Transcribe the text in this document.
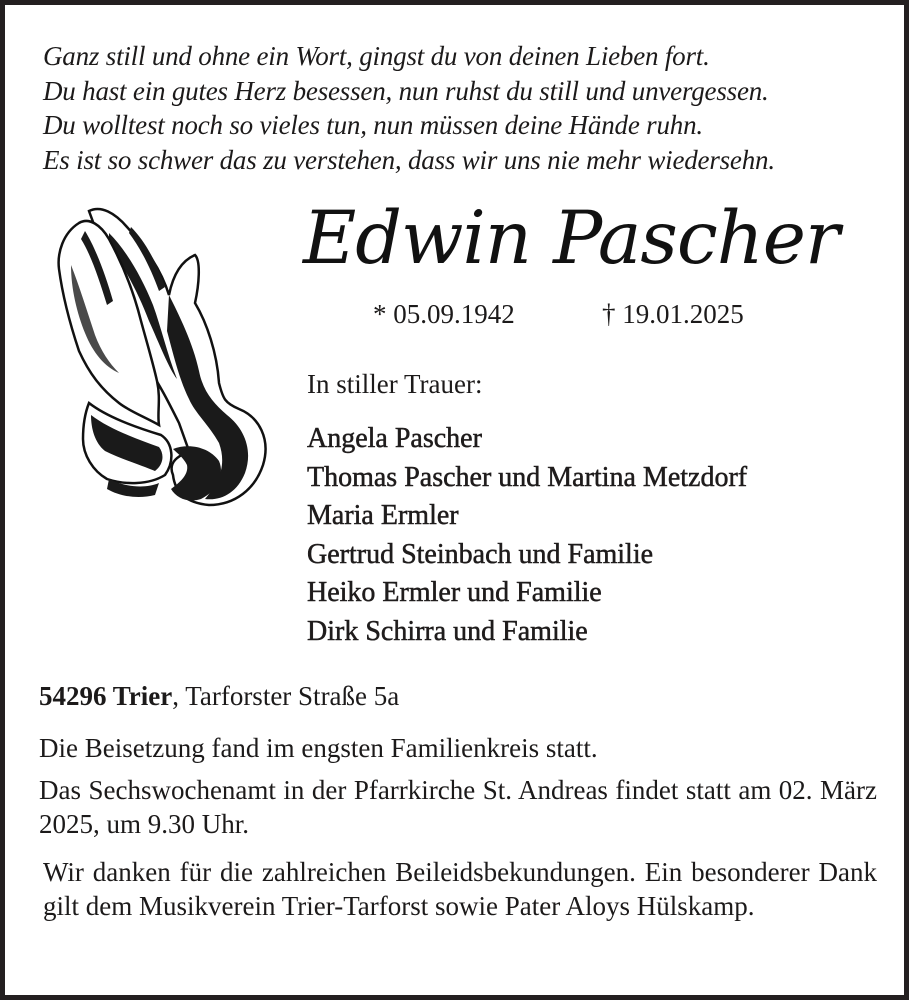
Ganz still und ohne ein Wort, gingst du von deinen Lieben fort.
Du hast ein gutes Herz besessen, nun ruhst du still und unvergessen.
Du wolltest noch so vieles tun, nun müssen deine Hände ruhn.
Es ist so schwer das zu verstehen, dass wir uns nie mehr wiedersehn.
Edwin Pascher
* 05.09.1942	† 19.01.2025
In stiller Trauer:
Angela Pascher
Thomas Pascher und Martina Metzdorf
Maria Ermler
Gertrud Steinbach und Familie
Heiko Ermler und Familie
Dirk Schirra und Familie
54296 Trier, Tarforster Straße 5a
Die Beisetzung fand im engsten Familienkreis statt.
Das Sechswochenamt in der Pfarrkirche St. Andreas findet statt am 02. März 2025, um 9.30 Uhr.
Wir danken für die zahlreichen Beileidsbekundungen. Ein besonderer Dank gilt dem Musikverein Trier-Tarforst sowie Pater Aloys Hülskamp.
